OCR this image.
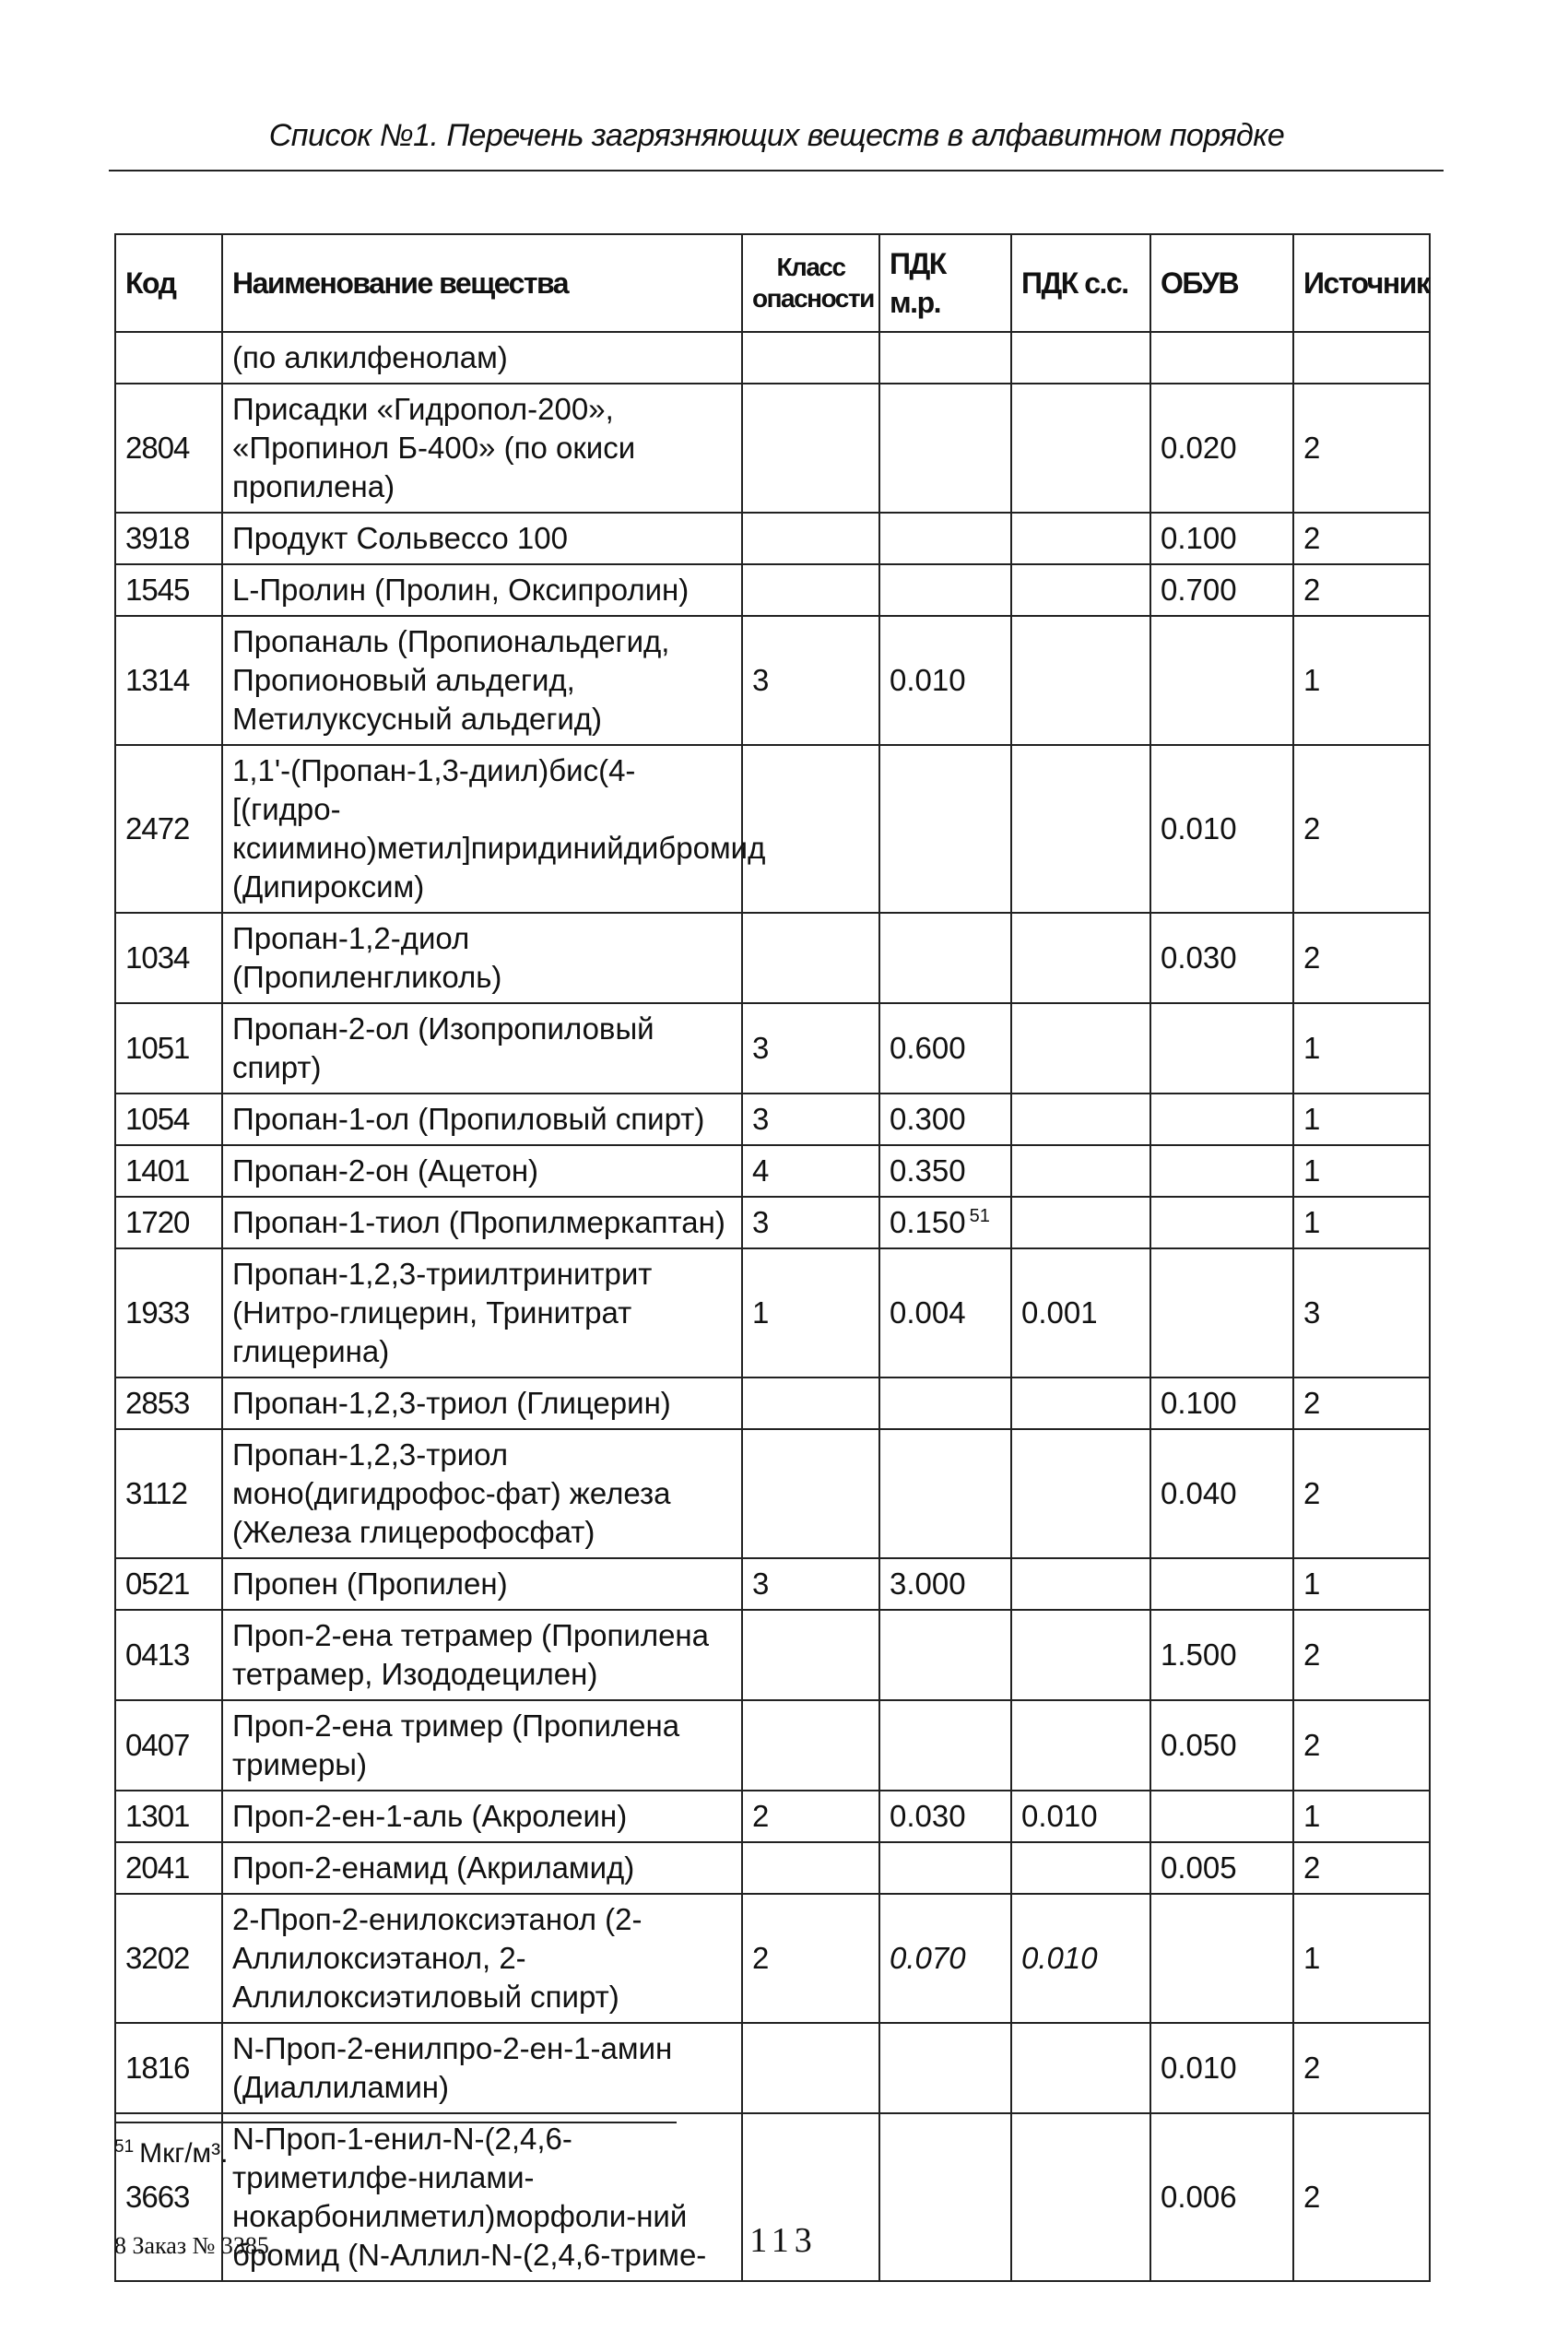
Список №1. Перечень загрязняющих веществ в алфавитном порядке
Код	Наименование вещества	Класс опасности	ПДК м.р.	ПДК с.с.	ОБУВ	Источник
	(по алкилфенолам)					
2804	Присадки «Гидропол-200», «Пропинол Б-400» (по окиси пропилена)				0.020	2
3918	Продукт Сольвессо 100				0.100	2
1545	L-Пролин (Пролин, Оксипролин)				0.700	2
1314	Пропаналь (Пропиональдегид, Пропионовый альдегид, Метилуксусный альдегид)	3	0.010			1
2472	1,1'-(Пропан-1,3-диил)бис(4-[(гидро-ксиимино)метил]пиридинийдибромид (Дипироксим)				0.010	2
1034	Пропан-1,2-диол (Пропиленгликоль)				0.030	2
1051	Пропан-2-ол (Изопропиловый спирт)	3	0.600			1
1054	Пропан-1-ол (Пропиловый спирт)	3	0.300			1
1401	Пропан-2-он (Ацетон)	4	0.350			1
1720	Пропан-1-тиол (Пропилмеркаптан)	3	0.150 $^{51}$			1
1933	Пропан-1,2,3-триилтринитрит (Нитро-глицерин, Тринитрат глицерина)	1	0.004	0.001		3
2853	Пропан-1,2,3-триол (Глицерин)				0.100	2
3112	Пропан-1,2,3-триол моно(дигидрофос-фат) железа (Железа глицерофосфат)				0.040	2
0521	Пропен (Пропилен)	3	3.000			1
0413	Проп-2-ена тетрамер (Пропилена тетрамер, Изододецилен)				1.500	2
0407	Проп-2-ена тример (Пропилена тримеры)				0.050	2
1301	Проп-2-ен-1-аль (Акролеин)	2	0.030	0.010		1
2041	Проп-2-енамид (Акриламид)				0.005	2
3202	2-Проп-2-енилоксиэтанол (2-Аллилоксиэтанол, 2-Аллилоксиэтиловый спирт)	2	0.070	0.010		1
1816	N-Проп-2-енилпро-2-ен-1-амин (Диаллиламин)				0.010	2
3663	N-Проп-1-енил-N-(2,4,6-триметилфе-нилами-нокарбонилметил)морфоли-ний бромид (N-Аллил-N-(2,4,6-триме-				0.006	2
$^{51}$ Мкг/м³.
8 Заказ № 3385	113
